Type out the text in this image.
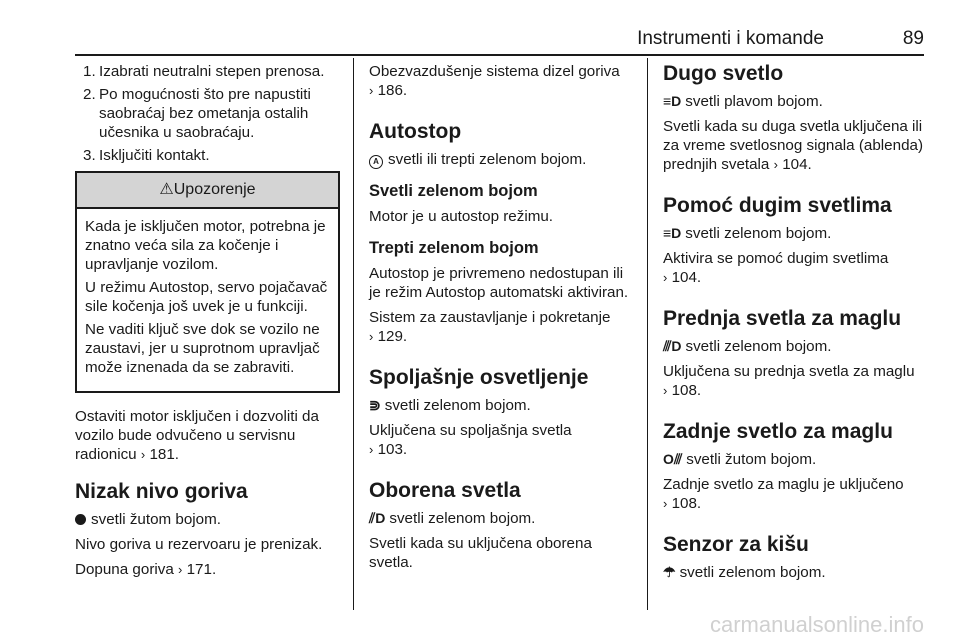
Instrumenti i komande	89
1. Izabrati neutralni stepen prenosa.
2. Po mogućnosti što pre napustiti saobraćaj bez ometanja ostalih učesnika u saobraćaju.
3. Isključiti kontakt.
⚠Upozorenje

Kada je isključen motor, potrebna je znatno veća sila za kočenje i upravljanje vozilom.

U režimu Autostop, servo pojačavač sile kočenja još uvek je u funkciji.

Ne vaditi ključ sve dok se vozilo ne zaustavi, jer u suprotnom upravljač može iznenada da se zabraviti.

Ostaviti motor isključen i dozvoliti da vozilo bude odvučeno u servisnu radionicu › 181.

Nizak nivo goriva

svetli žutom bojom.

Nivo goriva u rezervoaru je prenizak.

Dopuna goriva › 171.

Obezvazdušenje sistema dizel goriva
› 186.

Autostop

A svetli ili trepti zelenom bojom.

Svetli zelenom bojom

Motor je u autostop režimu.

Trepti zelenom bojom

Autostop je privremeno nedostupan ili je režim Autostop automatski aktiviran.

Sistem za zaustavljanje i pokretanje
› 129.

Spoljašnje osvetljenje

⋑ svetli zelenom bojom.

Uključena su spoljašnja svetla
› 103.

Oborena svetla

⫽D svetli zelenom bojom.

Svetli kada su uključena oborena svetla.

Dugo svetlo

≡D svetli plavom bojom.

Svetli kada su duga svetla uključena ili za vreme svetlosnog signala (ablenda) prednjih svetala › 104.

Pomoć dugim svetlima

≡D svetli zelenom bojom.

Aktivira se pomoć dugim svetlima
› 104.

Prednja svetla za maglu

⫻D svetli zelenom bojom.

Uključena su prednja svetla za maglu
› 108.

Zadnje svetlo za maglu

O⫻ svetli žutom bojom.

Zadnje svetlo za maglu je uključeno
› 108.

Senzor za kišu

☂ svetli zelenom bojom.

carmanualsonline.info
